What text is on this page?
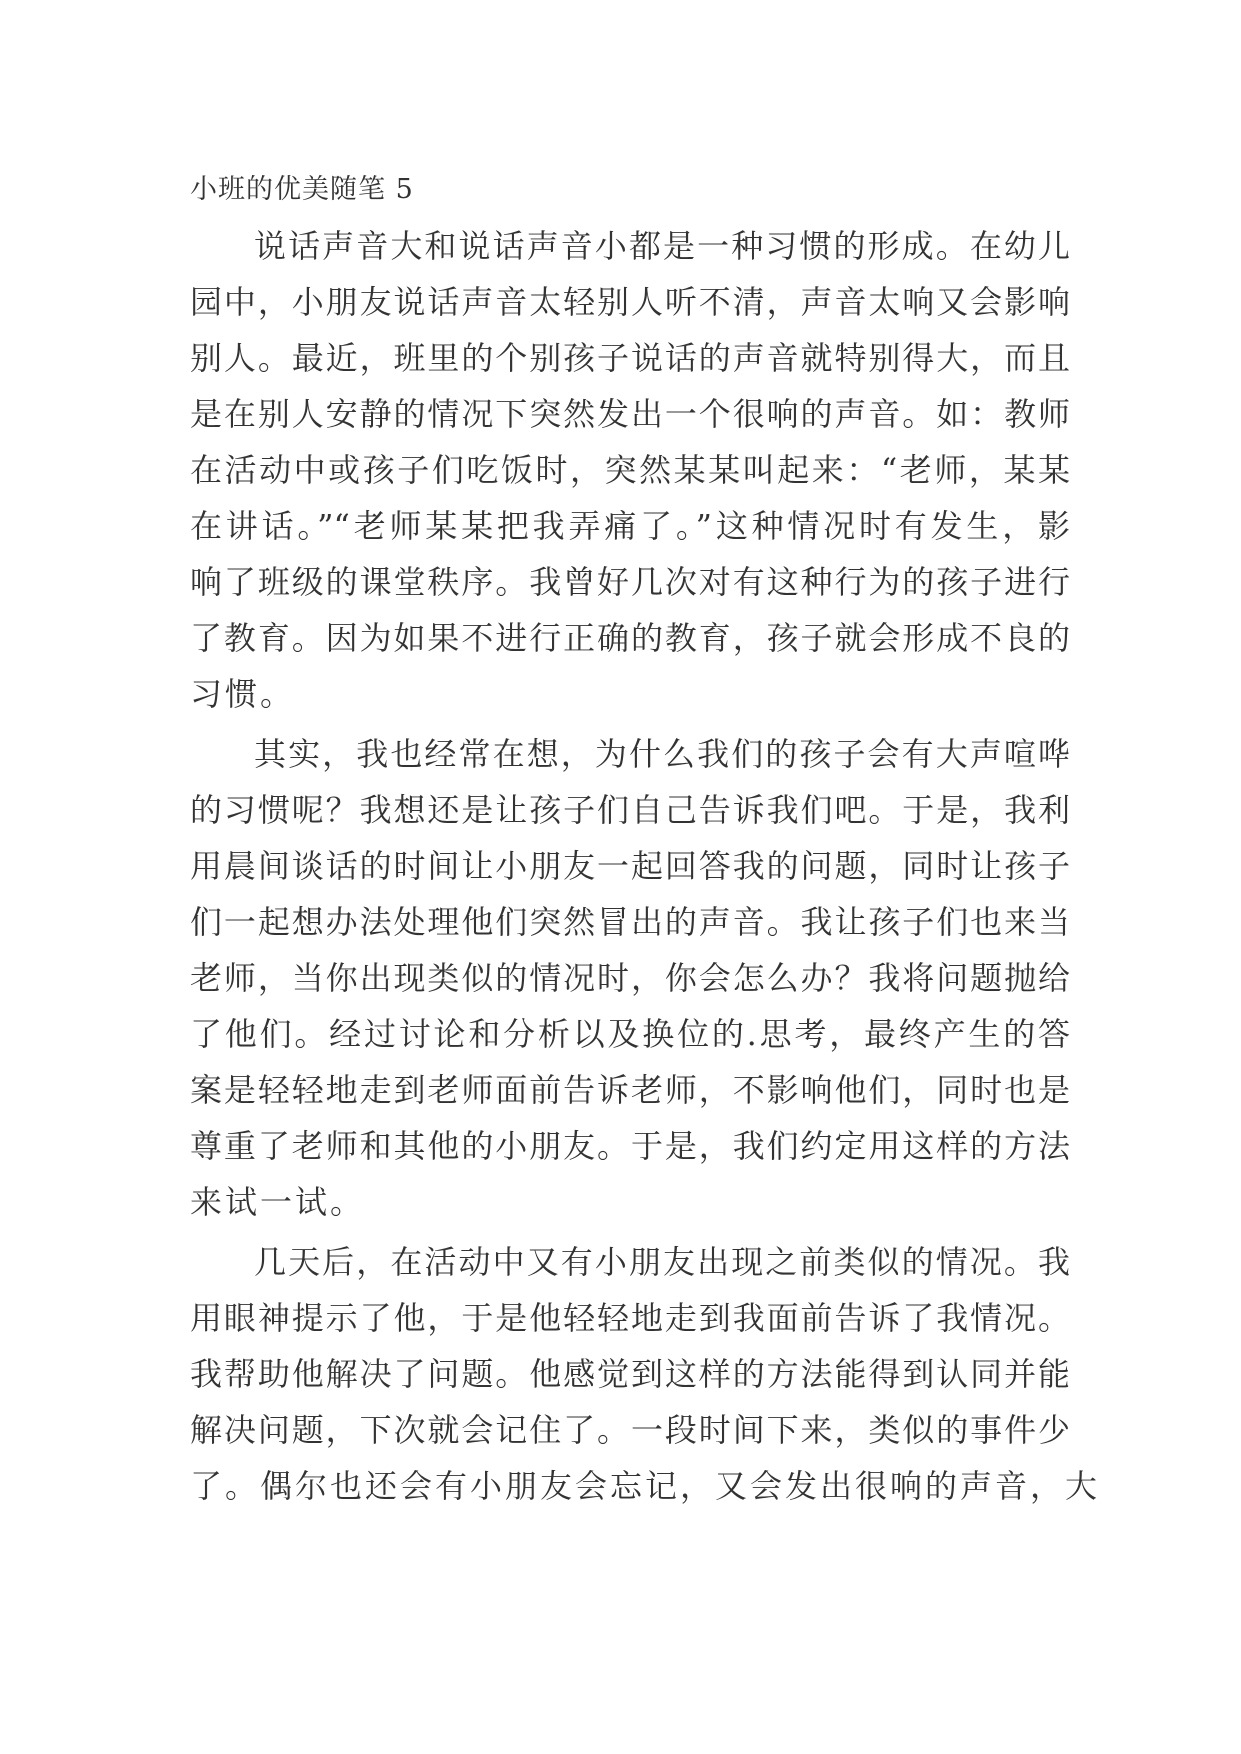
小班的优美随笔 5
说话声音大和说话声音小都是一种习惯的形成。在幼儿
园中，小朋友说话声音太轻别人听不清，声音太响又会影响
别人。最近，班里的个别孩子说话的声音就特别得大，而且
是在别人安静的情况下突然发出一个很响的声音。如：教师
在活动中或孩子们吃饭时，突然某某叫起来：“老师，某某
在讲话。”“老师某某把我弄痛了。”这种情况时有发生，影
响了班级的课堂秩序。我曾好几次对有这种行为的孩子进行
了教育。因为如果不进行正确的教育，孩子就会形成不良的
习惯。
其实，我也经常在想，为什么我们的孩子会有大声喧哗
的习惯呢？我想还是让孩子们自己告诉我们吧。于是，我利
用晨间谈话的时间让小朋友一起回答我的问题，同时让孩子
们一起想办法处理他们突然冒出的声音。我让孩子们也来当
老师，当你出现类似的情况时，你会怎么办？我将问题抛给
了他们。经过讨论和分析以及换位的.思考，最终产生的答
案是轻轻地走到老师面前告诉老师，不影响他们，同时也是
尊重了老师和其他的小朋友。于是，我们约定用这样的方法
来试一试。
几天后，在活动中又有小朋友出现之前类似的情况。我
用眼神提示了他，于是他轻轻地走到我面前告诉了我情况。
我帮助他解决了问题。他感觉到这样的方法能得到认同并能
解决问题，下次就会记住了。一段时间下来，类似的事件少
了。偶尔也还会有小朋友会忘记，又会发出很响的声音，大
